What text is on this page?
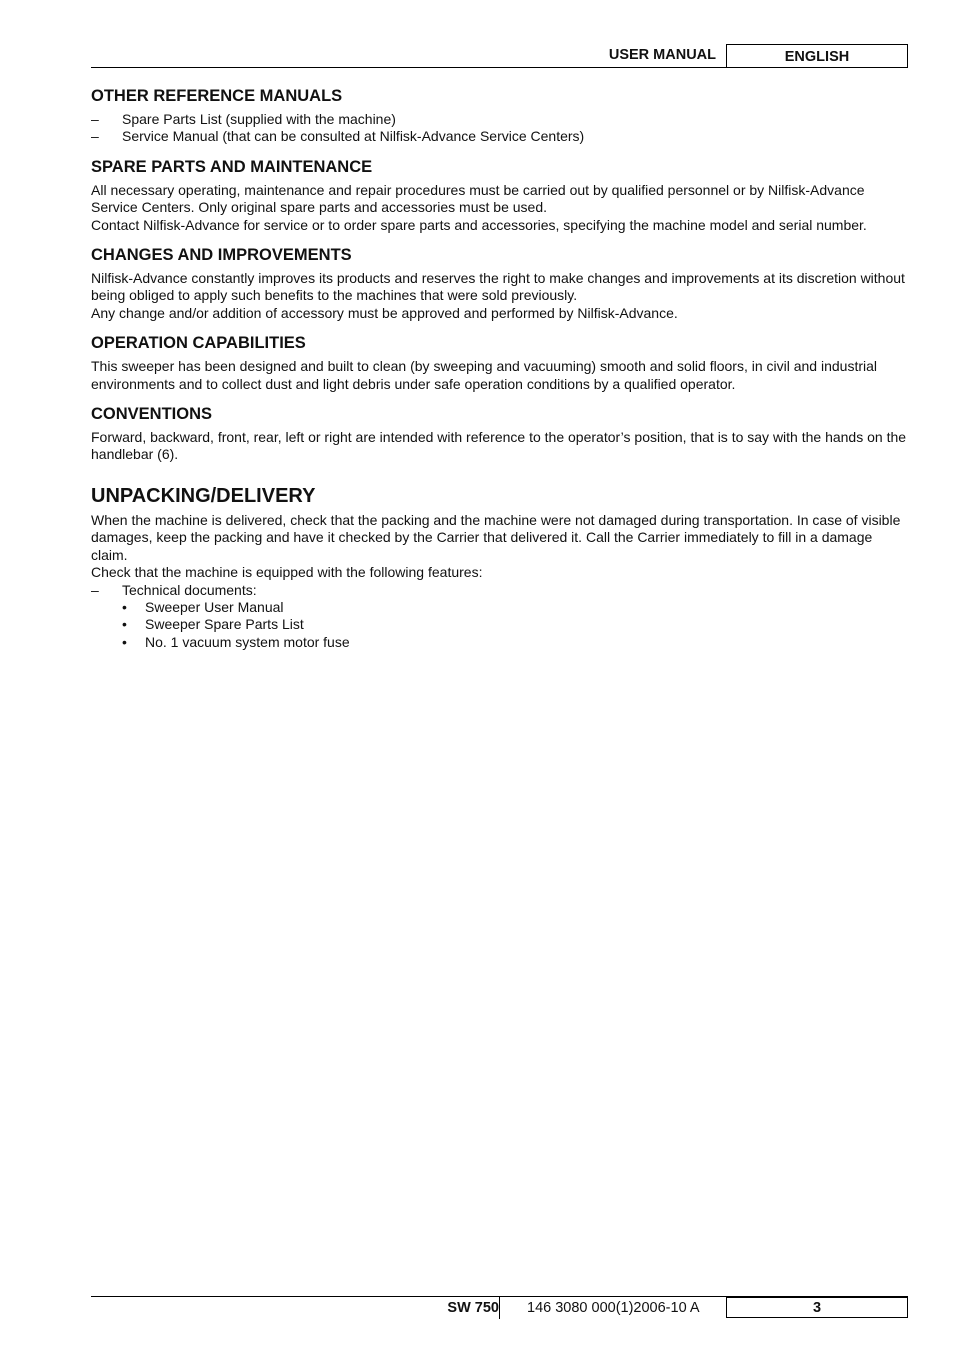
USER MANUAL	ENGLISH
OTHER REFERENCE MANUALS
– Spare Parts List (supplied with the machine)
– Service Manual (that can be consulted at Nilfisk-Advance Service Centers)
SPARE PARTS AND MAINTENANCE

All necessary operating, maintenance and repair procedures must be carried out by qualified personnel or by Nilfisk-Advance Service Centers. Only original spare parts and accessories must be used.

Contact Nilfisk-Advance for service or to order spare parts and accessories, specifying the machine model and serial number.

CHANGES AND IMPROVEMENTS

Nilfisk-Advance constantly improves its products and reserves the right to make changes and improvements at its discretion without being obliged to apply such benefits to the machines that were sold previously.

Any change and/or addition of accessory must be approved and performed by Nilfisk-Advance.

OPERATION CAPABILITIES

This sweeper has been designed and built to clean (by sweeping and vacuuming) smooth and solid floors, in civil and industrial environments and to collect dust and light debris under safe operation conditions by a qualified operator.

CONVENTIONS

Forward, backward, front, rear, left or right are intended with reference to the operator’s position, that is to say with the hands on the handlebar (6).

UNPACKING/DELIVERY

When the machine is delivered, check that the packing and the machine were not damaged during transportation. In case of visible damages, keep the packing and have it checked by the Carrier that delivered it. Call the Carrier immediately to fill in a damage claim.

Check that the machine is equipped with the following features:

– Technical documents:
• Sweeper User Manual
• Sweeper Spare Parts List
• No. 1 vacuum system motor fuse
SW 750 146 3080 000(1)2006-10 A	3
